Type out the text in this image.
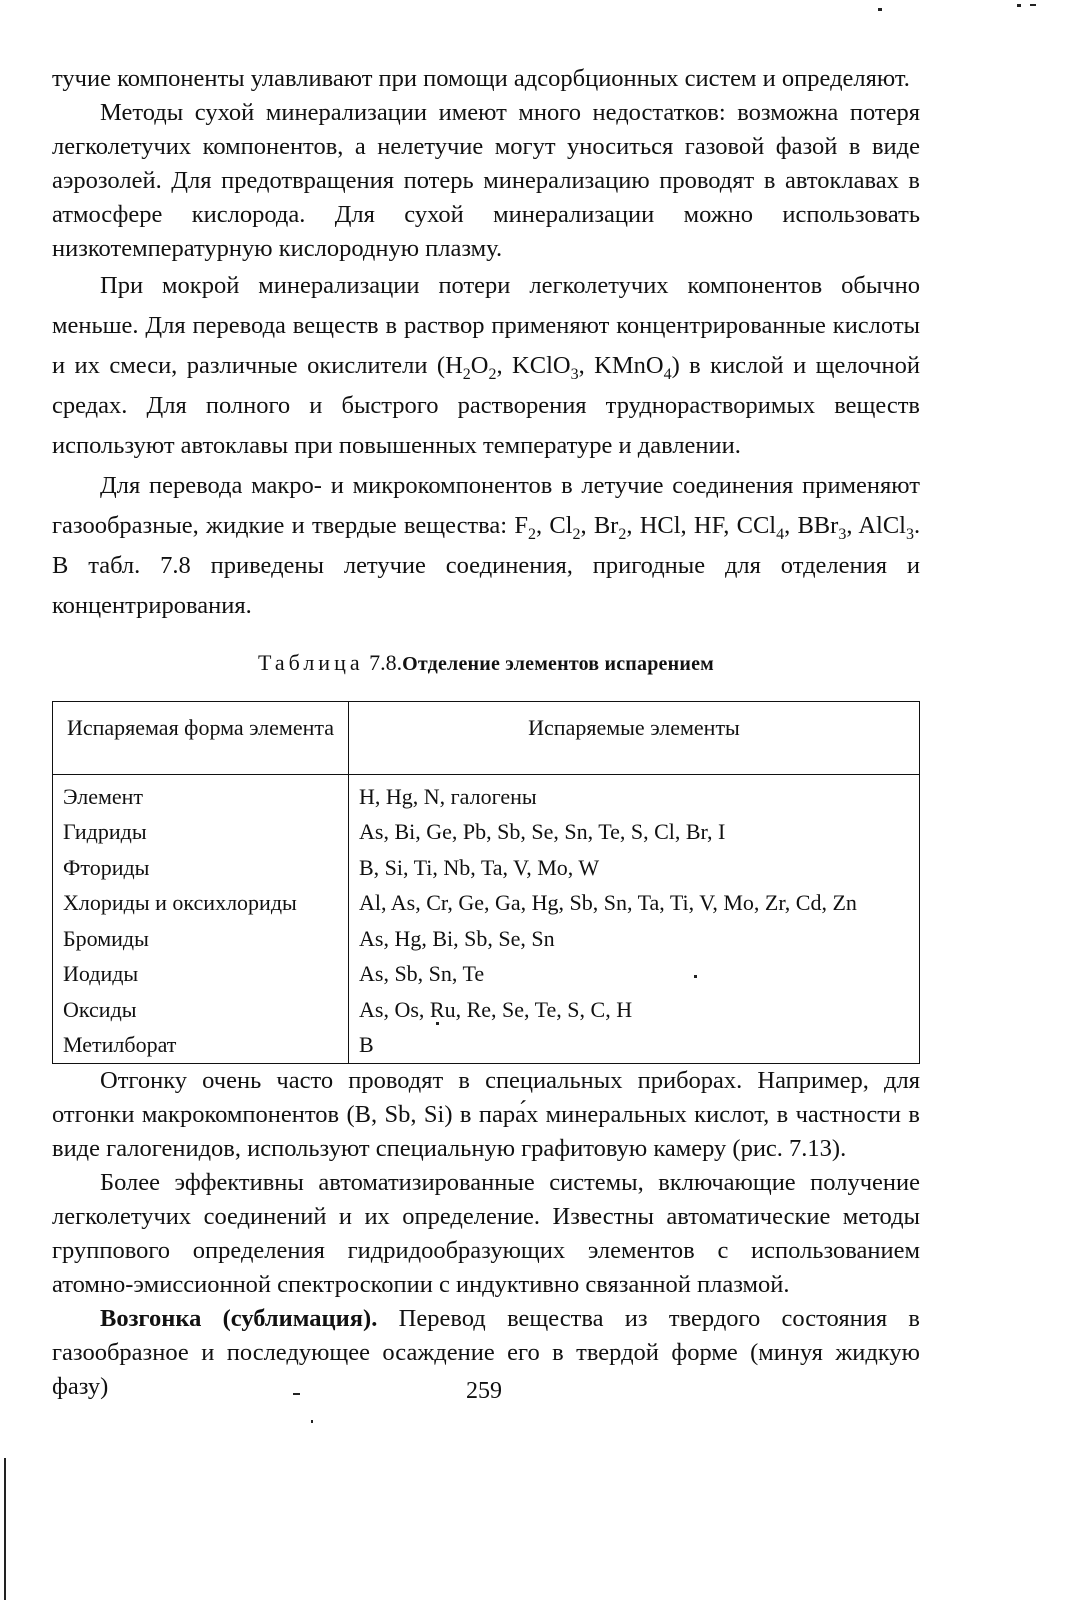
тучие компоненты улавливают при помощи адсорбционных систем и определяют.

Методы сухой минерализации имеют много недостатков: возможна потеря легколетучих компонентов, а нелетучие могут уноситься газовой фазой в виде аэрозолей. Для предотвращения потерь минерализацию проводят в автоклавах в атмосфере кислорода. Для сухой минерализации можно использовать низкотемпературную кислородную плазму.

При мокрой минерализации потери легколетучих компонентов обычно меньше. Для перевода веществ в раствор применяют концентрированные кислоты и их смеси, различные окислители ($H_2O_2$, KClO$_3$, KMnO$_4$) в кислой и щелочной средах. Для полного и быстрого растворения труднорастворимых веществ используют автоклавы при повышенных температуре и давлении.

Для перевода макро- и микрокомпонентов в летучие соединения применяют газообразные, жидкие и твердые вещества: $F_2$, $Cl_2$, $Br_2$, HCl, HF, CCl$_4$, BBr$_3$, AlCl$_3$. В табл. 7.8 приведены летучие соединения, пригодные для отделения и концентрирования.

Таблица 7.8.Отделение элементов испарением
Испаряемая форма элемента	Испаряемые элементы
Элемент	H, Hg, N, галогены
Гидриды	As, Bi, Ge, Pb, Sb, Se, Sn, Te, S, Cl, Br, I
Фториды	B, Si, Ti, Nb, Ta, V, Mo, W
Хлориды и оксихлориды	Al, As, Cr, Ge, Ga, Hg, Sb, Sn, Ta, Ti, V, Mo, Zr, Cd, Zn
Бромиды	As, Hg, Bi, Sb, Se, Sn
Иодиды	As, Sb, Sn, Te
Оксиды	As, Os, Ru, Re, Se, Te, S, C, H
Метилборат	B

Отгонку очень часто проводят в специальных приборах. Например, для отгонки макрокомпонентов (B, Sb, Si) в пара́х минеральных кислот, в частности в виде галогенидов, используют специальную графитовую камеру (рис. 7.13).

Более эффективны автоматизированные системы, включающие получение легколетучих соединений и их определение. Известны автоматические методы группового определения гидридообразующих элементов с использованием атомно-эмиссионной спектроскопии с индуктивно связанной плазмой.

Возгонка (сублимация). Перевод вещества из твердого состояния в газообразное и последующее осаждение его в твердой форме (минуя жидкую фазу)	259
